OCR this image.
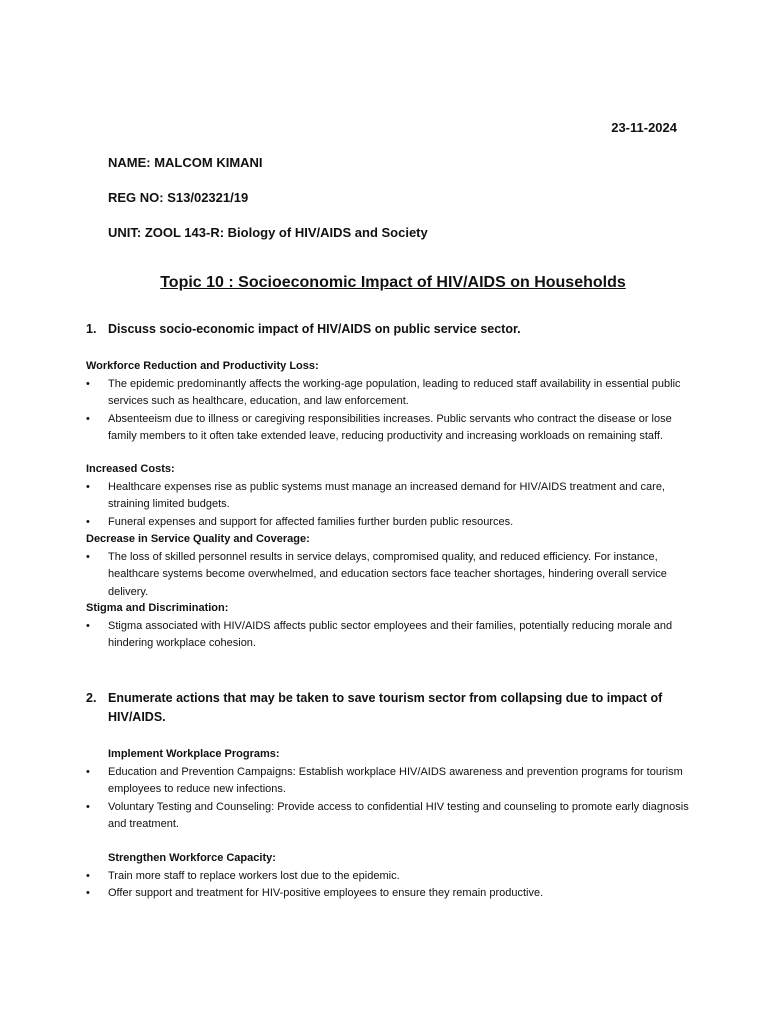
23-11-2024
NAME: MALCOM KIMANI
REG NO: S13/02321/19
UNIT: ZOOL 143-R: Biology of HIV/AIDS and Society
Topic 10 : Socioeconomic Impact of HIV/AIDS on Households
1. Discuss socio-economic impact of HIV/AIDS on public service sector.
Workforce Reduction and Productivity Loss:
• The epidemic predominantly affects the working-age population, leading to reduced staff availability in essential public services such as healthcare, education, and law enforcement.
• Absenteeism due to illness or caregiving responsibilities increases. Public servants who contract the disease or lose family members to it often take extended leave, reducing productivity and increasing workloads on remaining staff.
Increased Costs:
• Healthcare expenses rise as public systems must manage an increased demand for HIV/AIDS treatment and care, straining limited budgets.
• Funeral expenses and support for affected families further burden public resources.
Decrease in Service Quality and Coverage:
• The loss of skilled personnel results in service delays, compromised quality, and reduced efficiency. For instance, healthcare systems become overwhelmed, and education sectors face teacher shortages, hindering overall service delivery.
Stigma and Discrimination:
• Stigma associated with HIV/AIDS affects public sector employees and their families, potentially reducing morale and hindering workplace cohesion.
2. Enumerate actions that may be taken to save tourism sector from collapsing due to impact of HIV/AIDS.
Implement Workplace Programs:
• Education and Prevention Campaigns: Establish workplace HIV/AIDS awareness and prevention programs for tourism employees to reduce new infections.
• Voluntary Testing and Counseling: Provide access to confidential HIV testing and counseling to promote early diagnosis and treatment.
Strengthen Workforce Capacity:
• Train more staff to replace workers lost due to the epidemic.
• Offer support and treatment for HIV-positive employees to ensure they remain productive.
